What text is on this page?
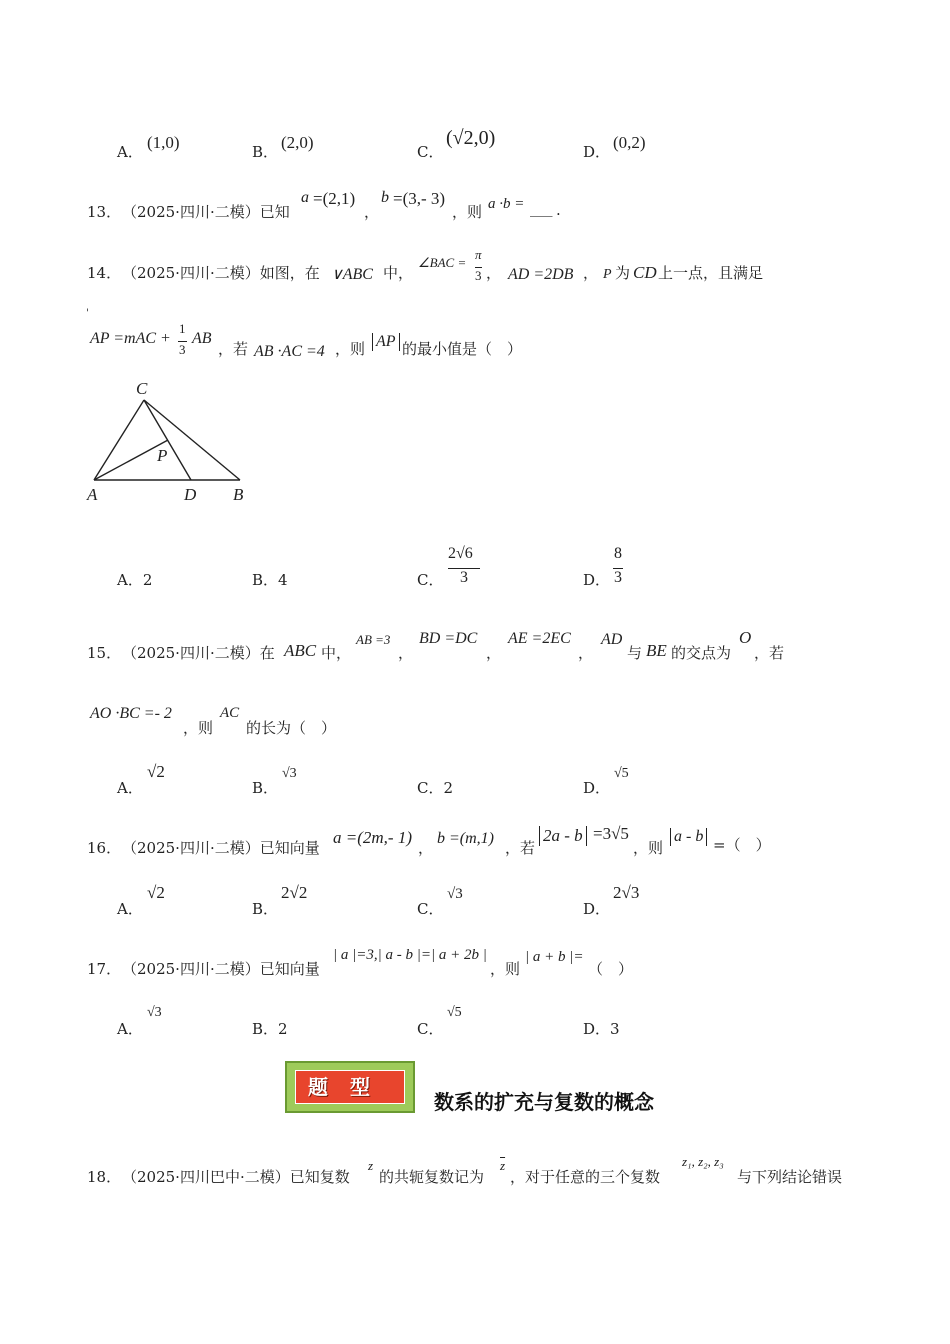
A． (1,0)	B． (2,0)	C．
(√2,0)
D． (0,2)
13． （2025·四川·二模）已知
a =(2,1)
，
b =(3,- 3)
，则 a ·b = ___ .
14． （2025·四川·二模）如图，在 ∨ABC 中，
∠BAC =
π
3 ， AD =2DB ， P 为 CD 上一点，且满足
'
AP =mAC +
1
3
AB
，若 AB ·AC =4 ，则 AP 的最小值是（　）
C
P
A	D B
A．2	B．4	C．
2√6
3	D．
8
3
15． （2025·四川·二模）在 ABC 中，
AB =3
，
BD =DC
，
AE =2EC
，
AD
与 BE 的交点为
O
，若
AO ·BC =- 2
，则
AC
的长为（　）
A．
√2
B．
√3
C．2	D．
√5
16． （2025·四川·二模）已知向量
a =(2m,- 1)
，
b =(m,1)
，若
2a - b =3√5
，则
a - b =（　）
A．
√2
B．
2√2
C．
√3
D．
2√3
17． （2025·四川·二模）已知向量
| a |=3,| a - b |=| a + 2b |
，则
| a + b |=
（　）
A．
√3
B．2	C．
√5
D．3
题型
数系的扩充与复数的概念
18． （2025·四川巴中·二模）已知复数
z
的共轭复数记为
$\overline{z}$
，对于任意的三个复数
z₁, z₂, z₃
与下列结论错误
